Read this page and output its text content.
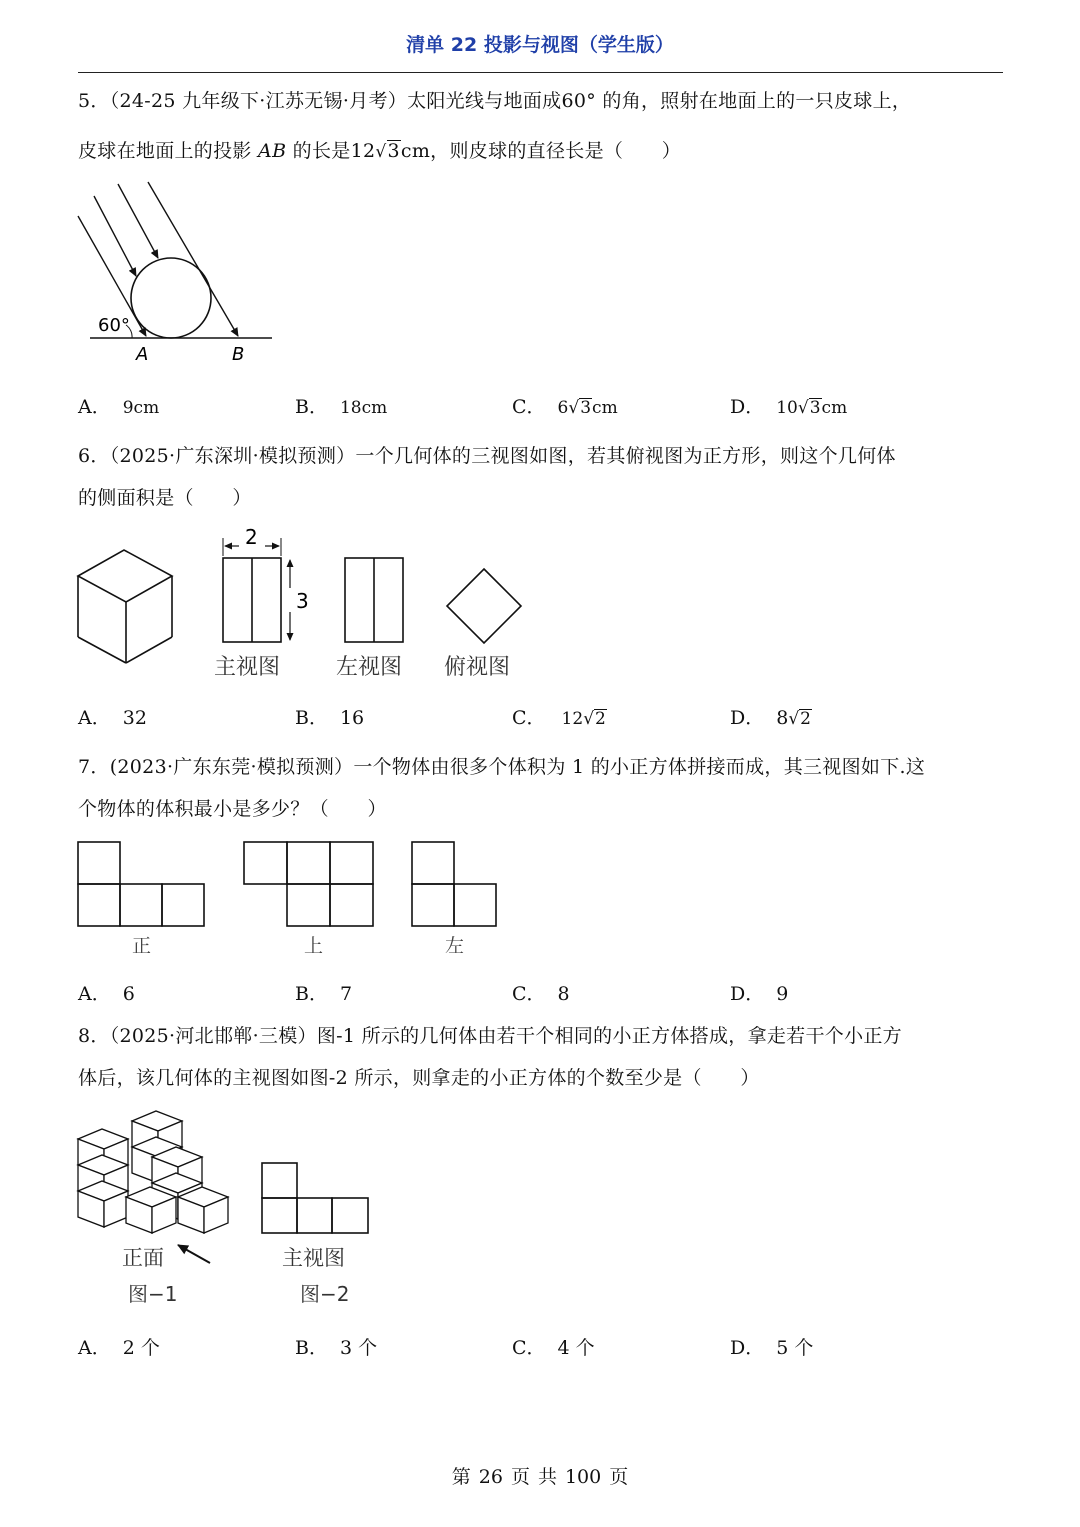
清单 22 投影与视图（学生版）
5．（24-25 九年级下·江苏无锡·月考）太阳光线与地面成60° 的角，照射在地面上的一只皮球上，
皮球在地面上的投影 AB 的长是12√3cm，则皮球的直径长是（　　）
60°
A	B
A． 9cm	B． 18cm	C． 6√3cm	D． 10√3cm
6．（2025·广东深圳·模拟预测）一个几何体的三视图如图，若其俯视图为正方形，则这个几何体
的侧面积是（　　）
2
3
主视图	左视图 俯视图
A． 32	B． 16	C． 12√2	D． 8√2
7．(2023·广东东莞·模拟预测）一个物体由很多个体积为 1 的小正方体拼接而成，其三视图如下.这
个物体的体积最小是多少？（　　）
正	上	左
A． 6	B． 7	C． 8	D． 9
8．（2025·河北邯郸·三模）图-1 所示的几何体由若干个相同的小正方体搭成，拿走若干个小正方
体后，该几何体的主视图如图-2 所示，则拿走的小正方体的个数至少是（　　）
正面
图−1
主视图
图−2
A． 2 个	B． 3 个	C． 4 个	D． 5 个
第 26 页 共 100 页
